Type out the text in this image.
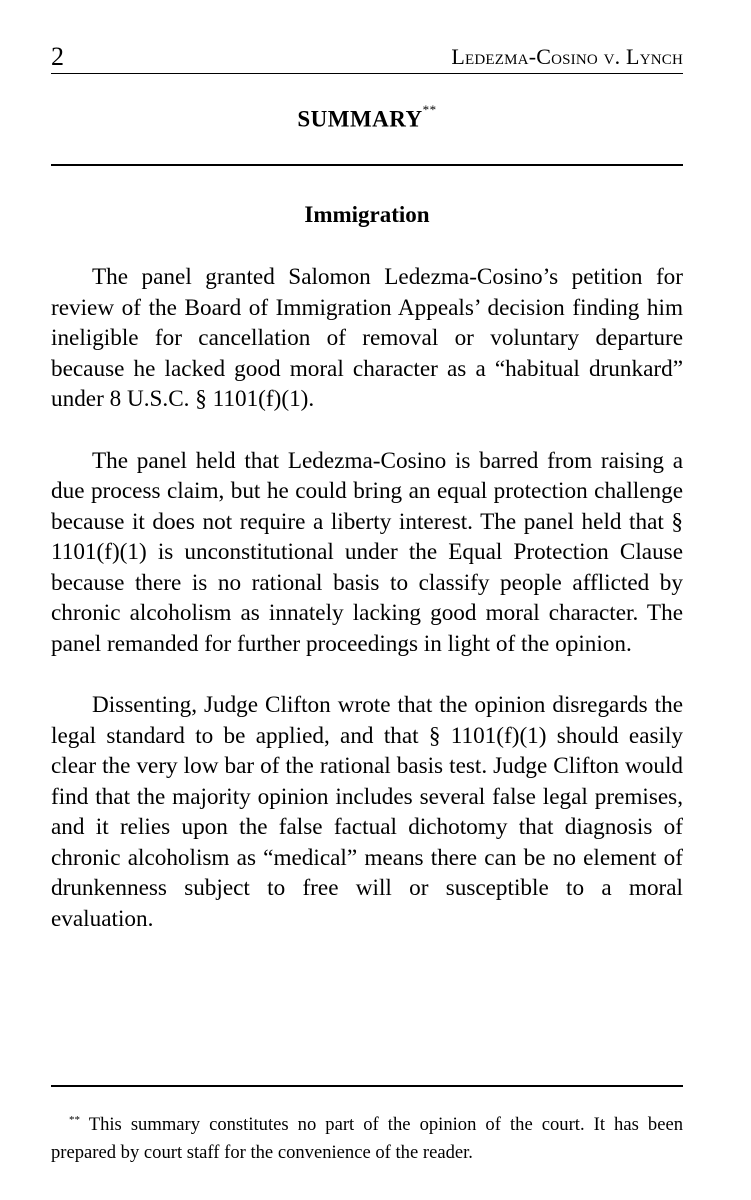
2	Ledezma-Cosino v. Lynch
SUMMARY**
Immigration

The panel granted Salomon Ledezma-Cosino’s petition for review of the Board of Immigration Appeals’ decision finding him ineligible for cancellation of removal or voluntary departure because he lacked good moral character as a “habitual drunkard” under 8 U.S.C. § 1101(f)(1).

The panel held that Ledezma-Cosino is barred from raising a due process claim, but he could bring an equal protection challenge because it does not require a liberty interest. The panel held that § 1101(f)(1) is unconstitutional under the Equal Protection Clause because there is no rational basis to classify people afflicted by chronic alcoholism as innately lacking good moral character. The panel remanded for further proceedings in light of the opinion.

Dissenting, Judge Clifton wrote that the opinion disregards the legal standard to be applied, and that § 1101(f)(1) should easily clear the very low bar of the rational basis test. Judge Clifton would find that the majority opinion includes several false legal premises, and it relies upon the false factual dichotomy that diagnosis of chronic alcoholism as “medical” means there can be no element of drunkenness subject to free will or susceptible to a moral evaluation.

** This summary constitutes no part of the opinion of the court. It has been prepared by court staff for the convenience of the reader.
